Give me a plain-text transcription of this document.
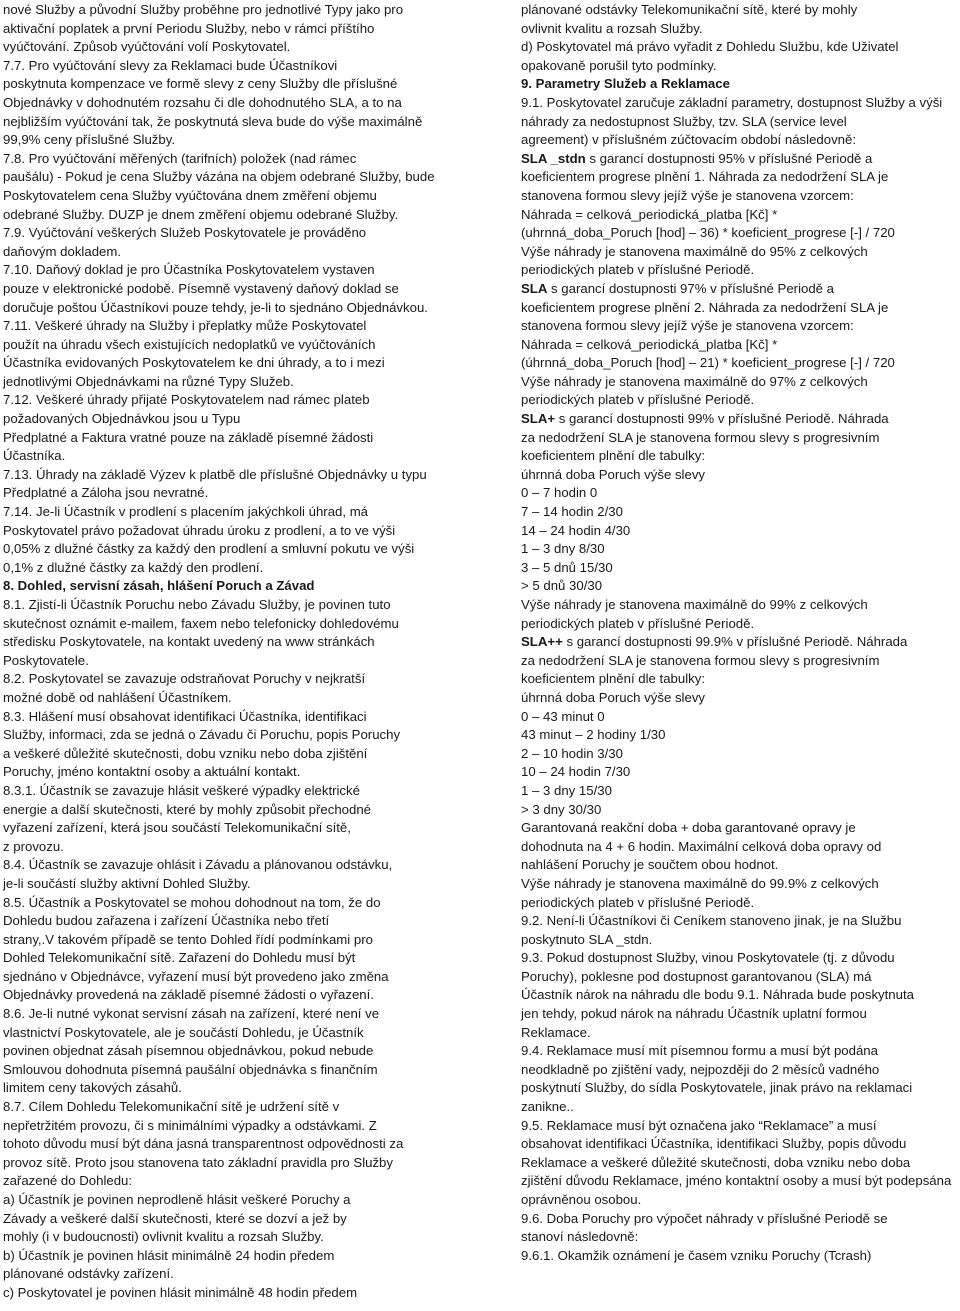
nové Služby a původní Služby proběhne pro jednotlivé Typy jako pro
aktivační poplatek a první Periodu Služby, nebo v rámci příštího
vyúčtování. Způsob vyúčtování volí Poskytovatel.
7.7. Pro vyúčtování slevy za Reklamaci bude Účastníkovi
poskytnuta kompenzace ve formě slevy z ceny Služby dle příslušné
Objednávky v dohodnutém rozsahu či dle dohodnutého SLA, a to na
nejbližším vyúčtování tak, že poskytnutá sleva bude do výše maximálně
99,9% ceny příslušné Služby.
7.8. Pro vyúčtování měřených (tarifních) položek (nad rámec
paušálu) - Pokud je cena Služby vázána na objem odebrané Služby, bude
Poskytovatelem cena Služby vyúčtována dnem změření objemu
odebrané Služby. DUZP je dnem změření objemu odebrané Služby.
7.9. Vyúčtování veškerých Služeb Poskytovatele je prováděno
daňovým dokladem.
7.10. Daňový doklad je pro Účastníka Poskytovatelem vystaven
pouze v elektronické podobě. Písemně vystavený daňový doklad se
doručuje poštou Účastníkovi pouze tehdy, je-li to sjednáno Objednávkou.
7.11. Veškeré úhrady na Služby i přeplatky může Poskytovatel
použít na úhradu všech existujících nedoplatků ve vyúčtováních
Účastníka evidovaných Poskytovatelem ke dni úhrady, a to i mezi
jednotlivými Objednávkami na různé Typy Služeb.
7.12. Veškeré úhrady přijaté Poskytovatelem nad rámec plateb
požadovaných Objednávkou jsou u Typu
Předplatné a Faktura vratné pouze na základě písemné žádosti
Účastníka.
7.13. Úhrady na základě Výzev k platbě dle příslušné Objednávky u typu
Předplatné a Záloha jsou nevratné.
7.14. Je-li Účastník v prodlení s placením jakýchkoli úhrad, má
Poskytovatel právo požadovat úhradu úroku z prodlení, a to ve výši
0,05% z dlužné částky za každý den prodlení a smluvní pokutu ve výši
0,1% z dlužné částky za každý den prodlení.
8. Dohled, servisní zásah, hlášení Poruch a Závad
8.1. Zjistí-li Účastník Poruchu nebo Závadu Služby, je povinen tuto
skutečnost oznámit e-mailem, faxem nebo telefonicky dohledovému
středisku Poskytovatele, na kontakt uvedený na www stránkách
Poskytovatele.
8.2. Poskytovatel se zavazuje odstraňovat Poruchy v nejkratší
možné době od nahlášení Účastníkem.
8.3. Hlášení musí obsahovat identifikaci Účastníka, identifikaci
Služby, informaci, zda se jedná o Závadu či Poruchu, popis Poruchy
a veškeré důležité skutečnosti, dobu vzniku nebo doba zjištění
Poruchy, jméno kontaktní osoby a aktuální kontakt.
8.3.1. Účastník se zavazuje hlásit veškeré výpadky elektrické
energie a další skutečnosti, které by mohly způsobit přechodné
vyřazení zařízení, která jsou součástí Telekomunikační sítě,
z provozu.
8.4. Účastník se zavazuje ohlásit i Závadu a plánovanou odstávku,
je-li součástí služby aktivní Dohled Služby.
8.5. Účastník a Poskytovatel se mohou dohodnout na tom, že do
Dohledu budou zařazena i zařízení Účastníka nebo třetí
strany,.V takovém případě se tento Dohled řídí podmínkami pro
Dohled Telekomunikační sítě. Zařazení do Dohledu musí být
sjednáno v Objednávce, vyřazení musí být provedeno jako změna
Objednávky provedená na základě písemné žádosti o vyřazení.
8.6. Je-li nutné vykonat servisní zásah na zařízení, které není ve
vlastnictví Poskytovatele, ale je součástí Dohledu, je Účastník
povinen objednat zásah písemnou objednávkou, pokud nebude
Smlouvou dohodnuta písemná paušální objednávka s finančním
limitem ceny takových zásahů.
8.7. Cílem Dohledu Telekomunikační sítě je udržení sítě v
nepřetržitém provozu, či s minimálními výpadky a odstávkami. Z
tohoto důvodu musí být dána jasná transparentnost odpovědnosti za
provoz sítě. Proto jsou stanovena tato základní pravidla pro Služby
zařazené do Dohledu:
a) Účastník je povinen neprodleně hlásit veškeré Poruchy a
Závady a veškeré další skutečnosti, které se dozví a jež by
mohly (i v budoucnosti) ovlivnit kvalitu a rozsah Služby.
b) Účastník je povinen hlásit minimálně 24 hodin předem
plánované odstávky zařízení.
c) Poskytovatel je povinen hlásit minimálně 48 hodin předem
plánované odstávky Telekomunikační sítě, které by mohly
ovlivnit kvalitu a rozsah Služby.
d) Poskytovatel má právo vyřadit z Dohledu Službu, kde Uživatel
opakovaně porušil tyto podmínky.
9. Parametry Služeb a Reklamace
9.1. Poskytovatel zaručuje základní parametry, dostupnost Služby a výši
náhrady za nedostupnost Služby, tzv. SLA (service level
agreement) v příslušném zúčtovacím období následovně:
SLA _stdn s garancí dostupnosti 95% v příslušné Periodě a
koeficientem progrese plnění 1. Náhrada za nedodržení SLA je
stanovena formou slevy jejíž výše je stanovena vzorcem:
Náhrada = celková_periodická_platba [Kč] *
(uhrnná_doba_Poruch [hod] – 36) * koeficient_progrese [-] / 720
Výše náhrady je stanovena maximálně do 95% z celkových
periodických plateb v příslušné Periodě.
SLA s garancí dostupnosti 97% v příslušné Periodě a
koeficientem progrese plnění 2. Náhrada za nedodržení SLA je
stanovena formou slevy jejíž výše je stanovena vzorcem:
Náhrada = celková_periodická_platba [Kč] *
(úhrnná_doba_Poruch [hod] – 21) * koeficient_progrese [-] / 720
Výše náhrady je stanovena maximálně do 97% z celkových
periodických plateb v příslušné Periodě.
SLA+ s garancí dostupnosti 99% v příslušné Periodě. Náhrada
za nedodržení SLA je stanovena formou slevy s progresivním
koeficientem plnění dle tabulky:
úhrnná doba Poruch výše slevy
0 – 7 hodin 0
7 – 14 hodin 2/30
14 – 24 hodin 4/30
1 – 3 dny 8/30
3 – 5 dnů 15/30
> 5 dnů 30/30
Výše náhrady je stanovena maximálně do 99% z celkových
periodických plateb v příslušné Periodě.
SLA++ s garancí dostupnosti 99.9% v příslušné Periodě. Náhrada
za nedodržení SLA je stanovena formou slevy s progresivním
koeficientem plnění dle tabulky:
úhrnná doba Poruch výše slevy
0 – 43 minut 0
43 minut – 2 hodiny 1/30
2 – 10 hodin 3/30
10 – 24 hodin 7/30
1 – 3 dny 15/30
> 3 dny 30/30
Garantovaná reakční doba + doba garantované opravy je
dohodnuta na 4 + 6 hodin. Maximální celková doba opravy od
nahlášení Poruchy je součtem obou hodnot.
Výše náhrady je stanovena maximálně do 99.9% z celkových
periodických plateb v příslušné Periodě.
9.2. Není-li Účastníkovi či Ceníkem stanoveno jinak, je na Službu
poskytnuto SLA _stdn.
9.3. Pokud dostupnost Služby, vinou Poskytovatele (tj. z důvodu
Poruchy), poklesne pod dostupnost garantovanou (SLA) má
Účastník nárok na náhradu dle bodu 9.1. Náhrada bude poskytnuta
jen tehdy, pokud nárok na náhradu Účastník uplatní formou
Reklamace.
9.4. Reklamace musí mít písemnou formu a musí být podána
neodkladně po zjištění vady, nejpozději do 2 měsíců vadného
poskytnutí Služby, do sídla Poskytovatele, jinak právo na reklamaci
zanikne..
9.5. Reklamace musí být označena jako “Reklamace” a musí
obsahovat identifikaci Účastníka, identifikaci Služby, popis důvodu
Reklamace a veškeré důležité skutečnosti, doba vzniku nebo doba
zjištění důvodu Reklamace, jméno kontaktní osoby a musí být podepsána
oprávněnou osobou.
9.6. Doba Poruchy pro výpočet náhrady v příslušné Periodě se
stanoví následovně:
9.6.1. Okamžik oznámení je časem vzniku Poruchy (Tcrash)
